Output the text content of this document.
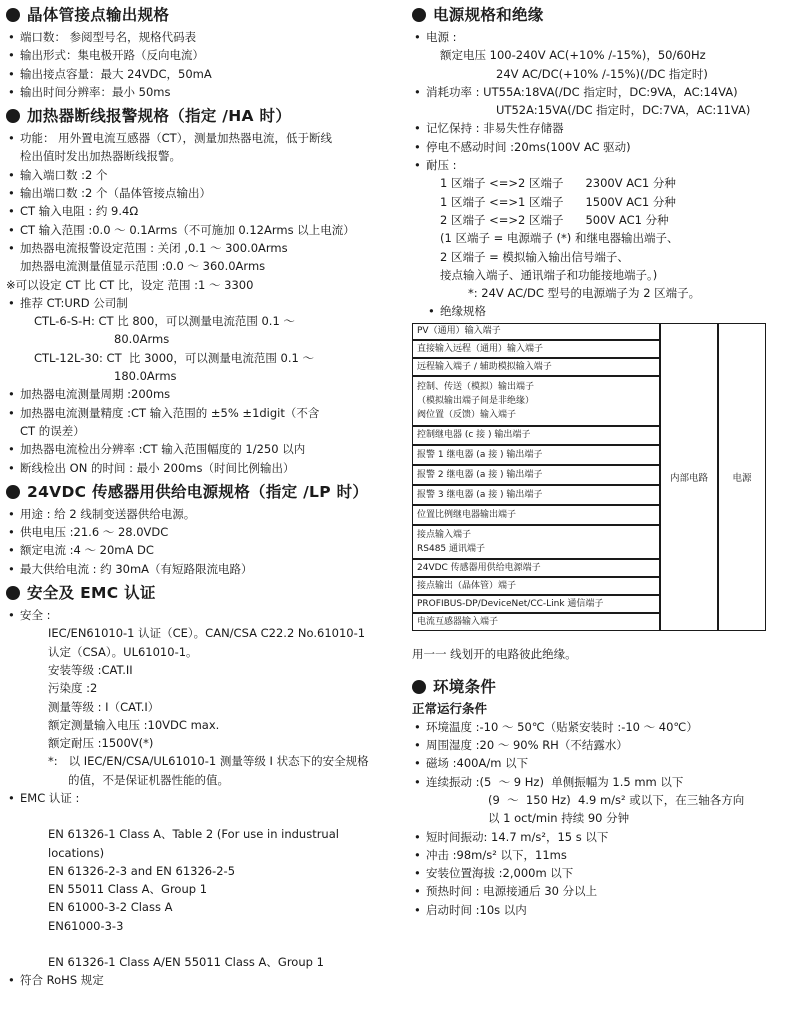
晶体管接点输出规格
• 端口数： 参阅型号名，规格代码表
• 输出形式：集电极开路（反向电流）
• 输出接点容量：最大 24VDC，50mA
• 输出时间分辨率：最小 50ms
加热器断线报警规格（指定 /HA 时）
• 功能： 用外置电流互感器（CT），测量加热器电流，低于断线
检出值时发出加热器断线报警。
• 输入端口数 :2 个
• 输出端口数 :2 个（晶体管接点输出）
• CT 输入电阻 : 约 9.4Ω
• CT 输入范围 :0.0 ～ 0.1Arms（不可施加 0.12Arms 以上电流）
• 加热器电流报警设定范围 : 关闭 ,0.1 ～ 300.0Arms
加热器电流测量值显示范围 :0.0 ～ 360.0Arms
※可以设定 CT 比 CT 比，设定 范围 :1 ～ 3300
• 推荐 CT:URD 公司制
CTL-6-S-H: CT 比 800，可以测量电流范围 0.1 ～
80.0Arms
CTL-12L-30: CT  比 3000，可以测量电流范围 0.1 ～
180.0Arms
• 加热器电流测量周期 :200ms
• 加热器电流测量精度 :CT 输入范围的 ±5% ±1digit（不含
CT 的误差）
• 加热器电流检出分辨率 :CT 输入范围幅度的 1/250 以内
• 断线检出 ON 的时间 : 最小 200ms（时间比例输出）
24VDC 传感器用供给电源规格（指定 /LP 时）
• 用途 : 给 2 线制变送器供给电源。
• 供电电压 :21.6 ～ 28.0VDC
• 额定电流 :4 ～ 20mA DC
• 最大供给电流 : 约 30mA（有短路限流电路）
安全及 EMC 认证
• 安全 :
IEC/EN61010-1 认证（CE）。CAN/CSA C22.2 No.61010-1
认定（CSA）。UL61010-1。
安装等级 :CAT.II
污染度 :2
测量等级 : I（CAT.I）
额定测量输入电压 :10VDC max.
额定耐压 :1500V(*)
*:   以 IEC/EN/CSA/UL61010-1 测量等级 I 状态下的安全规格
的值，不是保证机器性能的值。
• EMC 认证 :
EN 61326-1 Class A、Table 2 (For use in industrual
locations)
EN 61326-2-3 and EN 61326-2-5
EN 55011 Class A、Group 1
EN 61000-3-2 Class A
EN61000-3-3
EN 61326-1 Class A/EN 55011 Class A、Group 1
• 符合 RoHS 规定
电源规格和绝缘
• 电源 :
额定电压 100-240V AC(+10% /-15%)，50/60Hz
24V AC/DC(+10% /-15%)(/DC 指定时)
• 消耗功率 : UT55A:18VA(/DC 指定时，DC:9VA，AC:14VA)
UT52A:15VA(/DC 指定时，DC:7VA，AC:11VA)
• 记忆保持 : 非易失性存储器
• 停电不感动时间 :20ms(100V AC 驱动)
• 耐压 :
1 区端子 <=>2 区端子      2300V AC1 分种
1 区端子 <=>1 区端子      1500V AC1 分种
2 区端子 <=>2 区端子      500V AC1 分种
(1 区端子 = 电源端子 (*) 和继电器输出端子、
2 区端子 = 模拟输入输出信号端子、
接点输入端子、通讯端子和功能接地端子。)
*: 24V AC/DC 型号的电源端子为 2 区端子。
• 绝缘规格
PV（通用）输入端子
直接输入远程（通用）输入端子
远程输入端子 / 辅助模拟输入端子
控制、传送（模拟）输出端子
（模拟输出端子间是非绝缘）
阀位置（反馈）输入端子
控制继电器 (c 接 ) 输出端子
报警 1 继电器 (a 接 ) 输出端子
报警 2 继电器 (a 接 ) 输出端子
报警 3 继电器 (a 接 ) 输出端子
位置比例继电器输出端子
接点输入端子
RS485 通讯端子
24VDC 传感器用供给电源端子
接点输出（晶体管）端子
PROFIBUS-DP/DeviceNet/CC-Link 通信端子
电流互感器输入端子
内部电路	电源
用一一 线划开的电路彼此绝缘。
环境条件
正常运行条件
• 环境温度 :-10 ～ 50℃（贴紧安装时 :-10 ～ 40℃）
• 周围湿度 :20 ～ 90% RH（不结露水）
• 磁场 :400A/m 以下
• 连续振动 :(5  ～ 9 Hz)  单侧振幅为 1.5 mm 以下
(9  ～  150 Hz)  4.9 m/s² 或以下，在三轴各方向
以 1 oct/min 持续 90 分钟
• 短时间振动: 14.7 m/s²，15 s 以下
• 冲击 :98m/s² 以下，11ms
• 安装位置海拔 :2,000m 以下
• 预热时间 : 电源接通后 30 分以上
• 启动时间 :10s 以内
